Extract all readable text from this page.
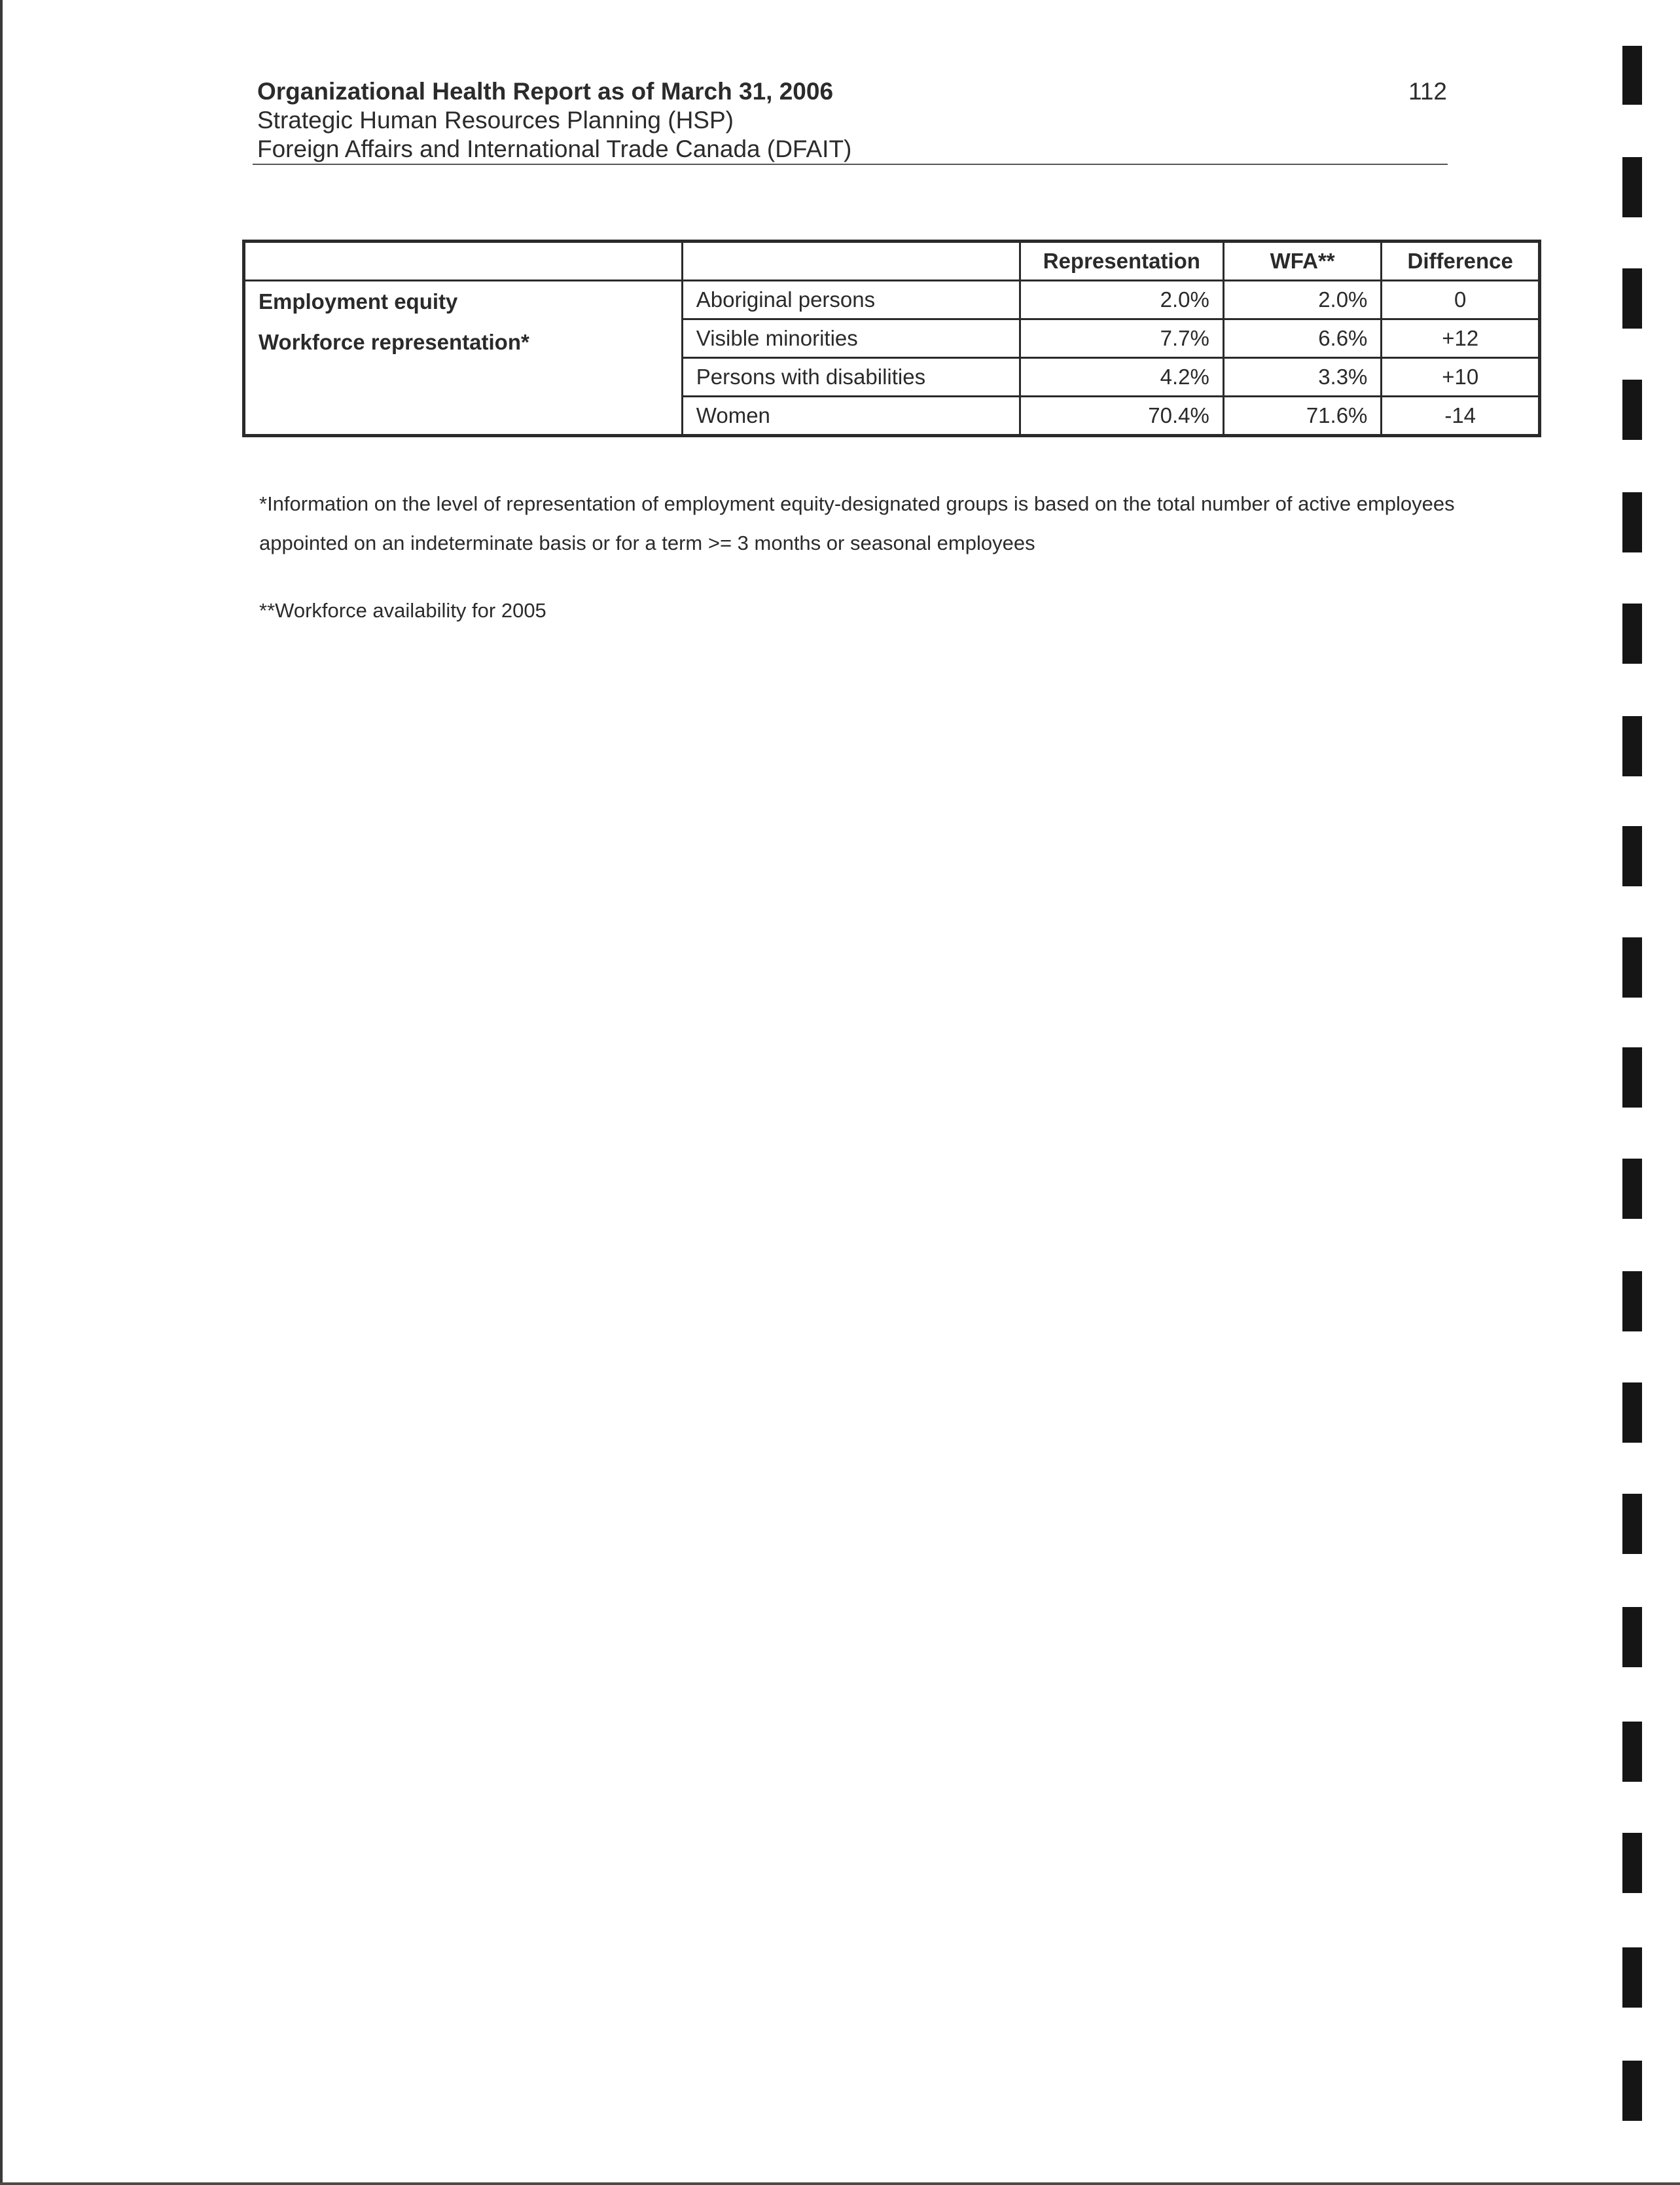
Organizational Health Report as of March 31, 2006
Strategic Human Resources Planning (HSP)
Foreign Affairs and International Trade Canada (DFAIT)
112
		Representation	WFA**	Difference

Employment equity
Workforce representation*	Aboriginal persons	2.0%	2.0%	0
	Visible minorities	7.7%	6.6%	+12
	Persons with disabilities	4.2%	3.3%	+10
	Women	70.4%	71.6%	-14
*Information on the level of representation of employment equity-designated groups is based on the total number of active employees appointed on an indeterminate basis or for a term >= 3 months or seasonal employees
**Workforce availability for 2005
